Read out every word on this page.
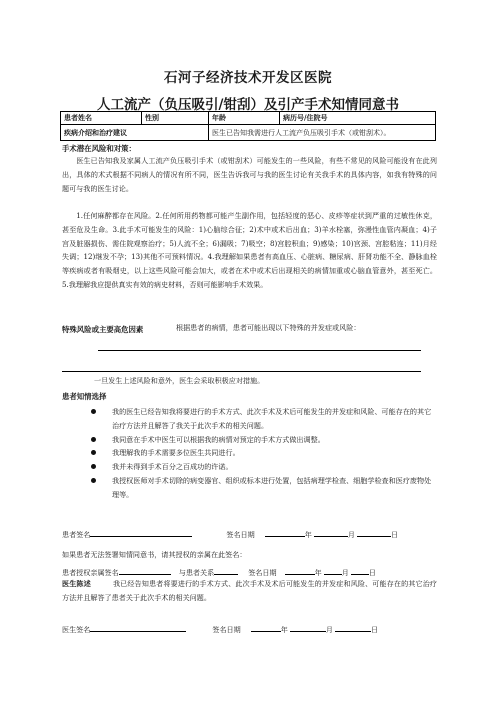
石河子经济技术开发区医院
人工流产（负压吸引/钳刮）及引产手术知情同意书
患者姓名	性别	年龄	病历号/住院号
疾病介绍和治疗建议		医生已告知我需进行人工流产负压吸引手术（或钳刮术）。	
手术潜在风险和对策：
医生已告知我及家属人工流产负压吸引手术（或钳刮术）可能发生的一些风险，有些不常见的风险可能没有在此列出，具体的术式根据不同病人的情况有所不同，医生告诉我可与我的医生讨论有关我手术的具体内容，如我有特殊的问题可与我的医生讨论。
1.任何麻醉都存在风险。2.任何所用药物都可能产生副作用，包括轻度的恶心、皮疹等症状到严重的过敏性休克，甚至危及生命。3.此手术可能发生的风险：1)心脑综合征；2)术中或术后出血；3)羊水栓塞，弥漫性血管内凝血；4)子宫及脏器损伤、需住院观察治疗；5)人流不全；6)漏吸；7)吸空；8)宫腔积血；9)感染；10)宫颈、宫腔粘连；11)月经失调；12)继发不孕；13)其他不可预料情况。4.我理解如果患者有高血压、心脏病、糖尿病、肝肾功能不全、静脉血栓等疾病或者有吸烟史，以上这些风险可能会加大，或者在术中或术后出现相关的病情加重或心脑血管意外，甚至死亡。5.我理解我应提供真实有效的病史材料，否则可能影响手术效果。
特殊风险或主要高危因素	根据患者的病情，患者可能出现以下特殊的并发症或风险：
一旦发生上述风险和意外，医生会采取积极应对措施。
患者知情选择
我的医生已经告知我将要进行的手术方式、此次手术及术后可能发生的并发症和风险、可能存在的其它治疗方法并且解答了我关于此次手术的相关问题。
我同意在手术中医生可以根据我的病情对预定的手术方式做出调整。
我理解我的手术需要多位医生共同进行。
我并未得到手术百分之百成功的许诺。
我授权医师对手术切除的病变器官、组织或标本进行处置，包括病理学检查、细胞学检查和医疗废物处理等。
患者签名	签名日期	年	月	日
如果患者无法签署知情同意书，请其授权的亲属在此签名：
患者授权亲属签名	与患者关系	签名日期	年	月	日
医生陈述	我已经告知患者将要进行的手术方式、此次手术及术后可能发生的并发症和风险、可能存在的其它治疗方法并且解答了患者关于此次手术的相关问题。
医生签名	签名日期	年	月	日
